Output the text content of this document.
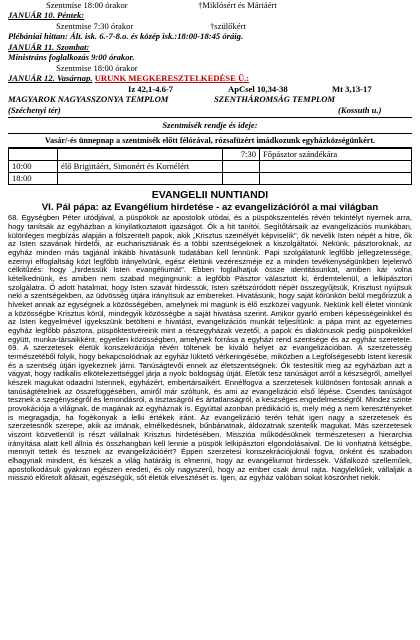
Szentmise 18:00 órakor	†Miklósért és Máriáért
JANUÁR 10. Péntek:
Szentmise 7:30 órakor	†szülőkért
Plébániai hittan: Ált. isk. 6.-7-8.o. és közép isk.:18:00-18:45 óráig.
JANUÁR 11. Szombat:
Ministráns foglalkozás 9:00 órakor.
Szentmise 18:00 órakor
JANUÁR 12. Vasárnap.
URUNK MEGKERESZTELKEDÉSE Ü.:
Iz 42,1-4.6-7	ApCsel 10,34-38	Mt 3,13-17
MAGYAROK NAGYASSZONYA TEMPLOM	SZENTHÁROMSÁG TEMPLOM
(Széchenyi tér)	(Kossuth u.)
Szentmisék rendje és ideje:
Vasár/-és ünnepnap a szentmisék előtt félórával, rózsafüzért imádkozunk egyházközségünkért.
		7:30	Főpásztor szándékára
10:00	élő Brigittáért, Simonért és Kornélért		
18:00			
EVANGELII NUNTIANDI
VI. Pál pápa: az Evangélium hirdetése - az evangelizációról a mai világban
68. Egységben Péter utódjával, a püspökök az apostolok utódai, és a püspökszentelés révén tekintélyt nyernek arra, hogy tanítsák az egyházban a kinyilatkoztatott igazságot. Ők a hit tanítói. Segítőtársaik az evangelizációs munkában, különleges megbízás alapján a fölszentelt papok, akik „Krisztus személyét képviselik", ők nevelik Isten népét a hitre, ők az Isten szavának hirdetői, az eucharisztiának és a többi szentségeknek a kiszolgáltatói. Nekünk, pásztoroknak, az egyház minden más tagjánál inkább hivatásunk tudatában kell lennünk. Papi szolgálatunk legfőbb jellegzetessége, ezernyi elfoglaltság közt legfőbb irányelvünk, egész életünk vezéreszméje ez a minden tevékenységünkben lejelenvő célkitűzés: hogy „hirdessük Isten evangéliumát". Ebben foglalhatjuk össze identitásunkat, amiben kár volna kételkednünk, és amiben nem szabad megingnunk: a legfőbb Pásztor választott ki, érdemtelenül, a lelkipásztori szolgálatra. Ő adott hatalmat, hogy Isten szavát hirdessük, Isten szétszóródott népét összegyűjtsük, Krisztust nyújtsuk neki a szentségekben, az üdvösség útjára irányítsuk az embereket. Hivatásunk, hogy saját körünkön belül megőrizzük a híveket annak az egységnek a közösségében, amelynek mi magunk is élő eszközei vagyunk. Nekünk kell életet vinnünk a közösségbe Krisztus körül, mindegyik közösségbe a saját hivatása szerint. Amikor gyarló emberi képességeinkkel és az Isten kegyelmével igyekszünk betölteni e hivatást, evangelizációs munkát teljesítünk: a pápa mint az egyetemes egyház legfőbb pásztora, püspöktestvéreink mint a részegyházak vezetői, a papok és diakónusok pedig püspökeikkel együtt, munka-társaikként, egyetlen közösségben, amelynek forrása a egyházi rend szentsége és az egyház szeretete. 69. A szerzetesek életük konszekrációja révén töltenek be kiváló helyet az evangelizációban. A szerzetesség természetéből folyik, hogy bekapcsolódnak az egyház lüktető vérkeringésébe, miközben a Legfölségesebb Istent keresik és a szentség útján igyekeznek járni. Tanúságtevői ennek az életszentségnek. Ők testesítik meg az egyházban azt a vágyat, hogy radikális elkötelezettséggel járja a nyolc boldogság útját. Életük tesz tanúságot arról a készségről, amellyel készek magukat odaadni Istennek, egyházért, embertársaikért. Ennélfogva a szerzetesek különösen fontosak annak a tanúságtételnek az összefüggésében, amiről már szóltunk, és ami az evangelizáció első lépése. Csendes tanúságot tesznek a szegénységről és lemondásról, a tisztaságról és ártatlanságról, a készséges engedelmességről. Mindez szinte provokációja a világnak, de magának az egyháznak is. Egyúttal azonban prédikáció is, mely még a nem keresztényeket is megragadja, ha fogékonyak a lelki értékek iránt. Az evangelizáció terén tehát igen nagy a szerzetesek és szerzetesnők szerepe, akik az imának, elmélkedésnek, bűnbánatnak, áldozatnak szentelik magukat. Más szerzetesek viszont közvetlenül is részt vállalnak Krisztus hirdetésében. Misszióa működésüknek természetesen a hierarchia irányítása alatt kell állnia és összhangban kell lennie a püspök lelkipásztori elgondolásaival. De ki vonhatná kétségbe, mennyit tettek és tesznek az evangelizációért? Éppen szerzetesi konszekrációjuknál fogva, önként és szabadon elhagynak mindent, és készek a világ határáig is elmenni, hogy az evangéliumot hirdessék. Vállalkozó szelleműek, apostolkodásuk gyakran egészen eredeti, és oly nagyszerű, hogy az ember csak ámul rajta. Nagylelkűek, vállalják a misszió előretolt állásait, egészségük, sőt életük elvesztését is. Igen, az egyház valóban sokat köszönhet nekik.
